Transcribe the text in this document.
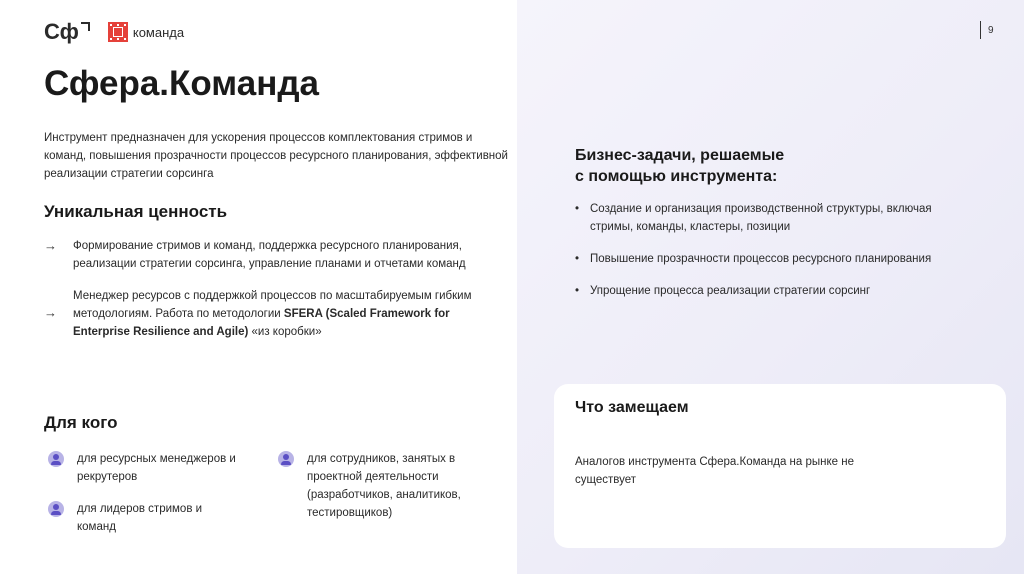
Сф	команда	9
Сфера.Команда
Инструмент предназначен для ускорения процессов комплектования стримов и команд, повышения прозрачности процессов ресурсного планирования, эффективной реализации стратегии сорсинга
Уникальная ценность
→ Формирование стримов и команд, поддержка ресурсного планирования, реализации стратегии сорсинга, управление планами и отчетами команд
→
Менеджер ресурсов с поддержкой процессов по масштабируемым гибким методологиям. Работа по методологии SFERA (Scaled Framework for Enterprise Resilience and Agile) «из коробки»
Для кого
для ресурсных менеджеров и рекрутеров
для лидеров стримов и команд
для сотрудников, занятых в проектной деятельности (разработчиков, аналитиков, тестировщиков)
Бизнес-задачи, решаемые
с помощью инструмента:
• Создание и организация производственной структуры, включая стримы, команды, кластеры, позиции
• Повышение прозрачности процессов ресурсного планирования
• Упрощение процесса реализации стратегии сорсинг
Что замещаем
Аналогов инструмента Сфера.Команда на рынке не существует
